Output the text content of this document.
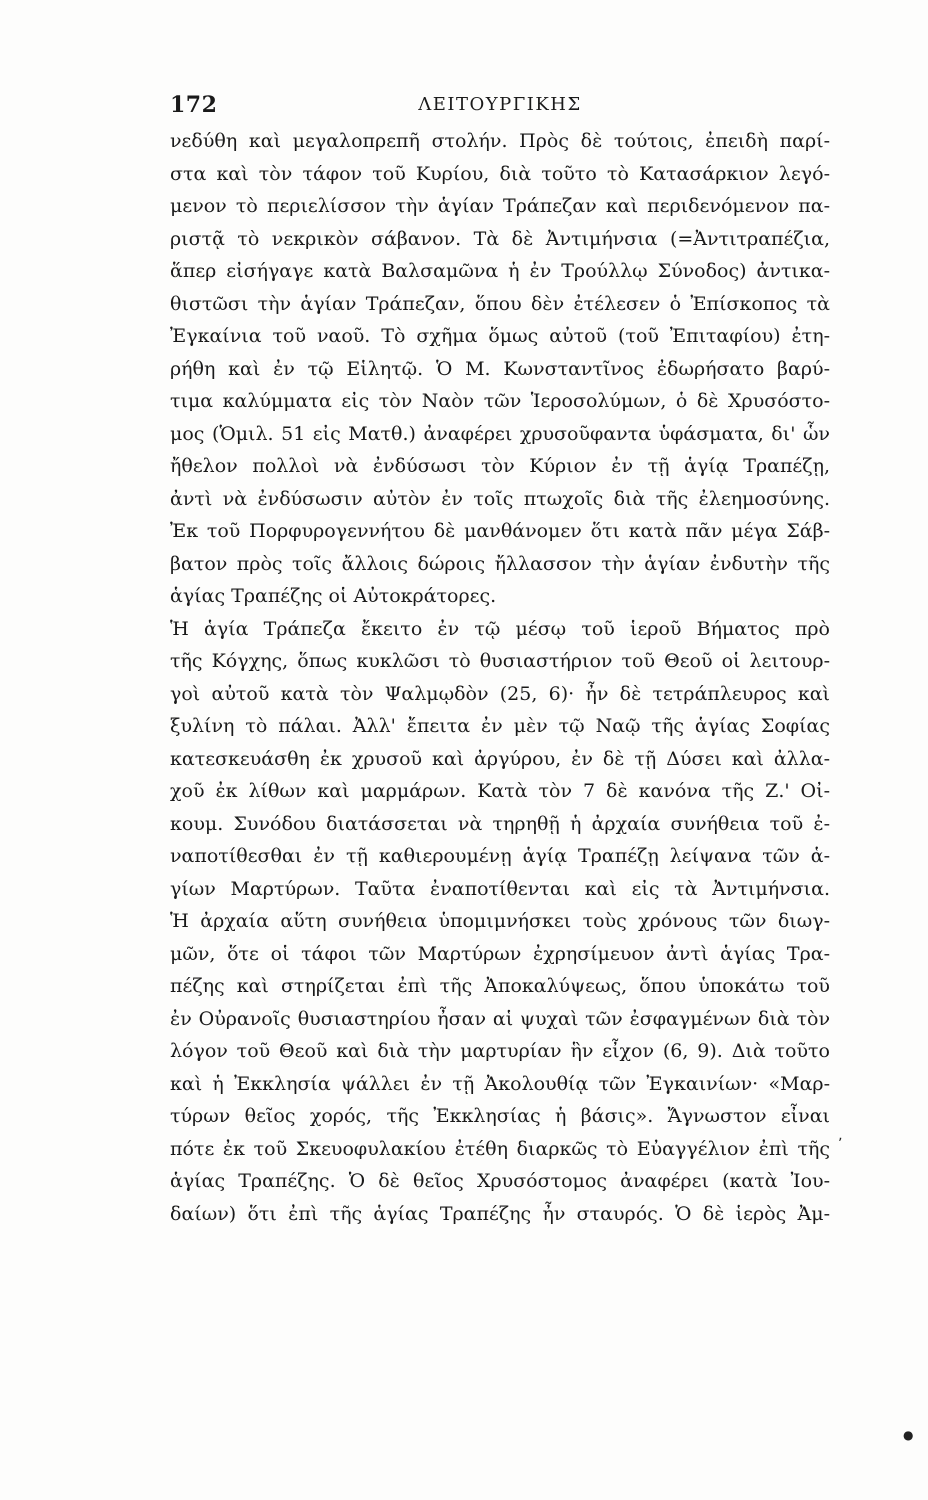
172	ΛΕΙΤΟΥΡΓΙΚΗΣ
νεδύθη καὶ μεγαλοπρεπῆ στολήν. Πρὸς δὲ τούτοις, ἐπειδὴ παρί-
στα καὶ τὸν τάφον τοῦ Κυρίου, διὰ τοῦτο τὸ Κατασάρκιον λεγό-
μενον τὸ περιελίσσον τὴν ἁγίαν Τράπεζαν καὶ περιδενόμενον πα-
ριστᾷ τὸ νεκρικὸν σάβανον. Τὰ δὲ Ἀντιμήνσια (=Ἀντιτραπέζια,
ἅπερ εἰσήγαγε κατὰ Βαλσαμῶνα ἡ ἐν Τρούλλῳ Σύνοδος) ἀντικα-
θιστῶσι τὴν ἁγίαν Τράπεζαν, ὅπου δὲν ἐτέλεσεν ὁ Ἐπίσκοπος τὰ
Ἐγκαίνια τοῦ ναοῦ. Τὸ σχῆμα ὅμως αὐτοῦ (τοῦ Ἐπιταφίου) ἐτη-
ρήθη καὶ ἐν τῷ Εἱλητῷ. Ὁ Μ. Κωνσταντῖνος ἐδωρήσατο βαρύ-
τιμα καλύμματα εἰς τὸν Ναὸν τῶν Ἱεροσολύμων, ὁ δὲ Χρυσόστο-
μος (Ὁμιλ. 51 εἰς Ματθ.) ἀναφέρει χρυσοῦφαντα ὑφάσματα, δι' ὧν
ἤθελον πολλοὶ νὰ ἐνδύσωσι τὸν Κύριον ἐν τῇ ἁγίᾳ Τραπέζῃ,
ἀντὶ νὰ ἐνδύσωσιν αὐτὸν ἐν τοῖς πτωχοῖς διὰ τῆς ἐλεημοσύνης.
Ἐκ τοῦ Πορφυρογεννήτου δὲ μανθάνομεν ὅτι κατὰ πᾶν μέγα Σάβ-
βατον πρὸς τοῖς ἄλλοις δώροις ἤλλασσον τὴν ἁγίαν ἐνδυτὴν τῆς
ἁγίας Τραπέζης οἱ Αὐτοκράτορες.
Ἡ ἁγία Τράπεζα ἔκειτο ἐν τῷ μέσῳ τοῦ ἱεροῦ Βήματος πρὸ
τῆς Κόγχης, ὅπως κυκλῶσι τὸ θυσιαστήριον τοῦ Θεοῦ οἱ λειτουρ-
γοὶ αὐτοῦ κατὰ τὸν Ψαλμῳδὸν (25, 6)· ἦν δὲ τετράπλευρος καὶ
ξυλίνη τὸ πάλαι. Ἀλλ' ἔπειτα ἐν μὲν τῷ Ναῷ τῆς ἁγίας Σοφίας
κατεσκευάσθη ἐκ χρυσοῦ καὶ ἀργύρου, ἐν δὲ τῇ Δύσει καὶ ἀλλα-
χοῦ ἐκ λίθων καὶ μαρμάρων. Κατὰ τὸν 7 δὲ κανόνα τῆς Ζ.' Οἰ-
κουμ. Συνόδου διατάσσεται νὰ τηρηθῇ ἡ ἀρχαία συνήθεια τοῦ ἐ-
ναποτίθεσθαι ἐν τῇ καθιερουμένῃ ἁγίᾳ Τραπέζῃ λείψανα τῶν ἁ-
γίων Μαρτύρων. Ταῦτα ἐναποτίθενται καὶ εἰς τὰ Ἀντιμήνσια.
Ἡ ἀρχαία αὕτη συνήθεια ὑπομιμνήσκει τοὺς χρόνους τῶν διωγ-
μῶν, ὅτε οἱ τάφοι τῶν Μαρτύρων ἐχρησίμευον ἀντὶ ἁγίας Τρα-
πέζης καὶ στηρίζεται ἐπὶ τῆς Ἀποκαλύψεως, ὅπου ὑποκάτω τοῦ
ἐν Οὐρανοῖς θυσιαστηρίου ἦσαν αἱ ψυχαὶ τῶν ἐσφαγμένων διὰ τὸν
λόγον τοῦ Θεοῦ καὶ διὰ τὴν μαρτυρίαν ἣν εἶχον (6, 9). Διὰ τοῦτο
καὶ ἡ Ἐκκλησία ψάλλει ἐν τῇ Ἀκολουθίᾳ τῶν Ἐγκαινίων· «Μαρ-
τύρων θεῖος χορός, τῆς Ἐκκλησίας ἡ βάσις». Ἄγνωστον εἶναι
πότε ἐκ τοῦ Σκευοφυλακίου ἐτέθη διαρκῶς τὸ Εὐαγγέλιον ἐπὶ τῆς
ἁγίας Τραπέζης. Ὁ δὲ θεῖος Χρυσόστομος ἀναφέρει (κατὰ Ἰου-
δαίων) ὅτι ἐπὶ τῆς ἁγίας Τραπέζης ἦν σταυρός. Ὁ δὲ ἱερὸς Ἀμ-
ʼ
●
